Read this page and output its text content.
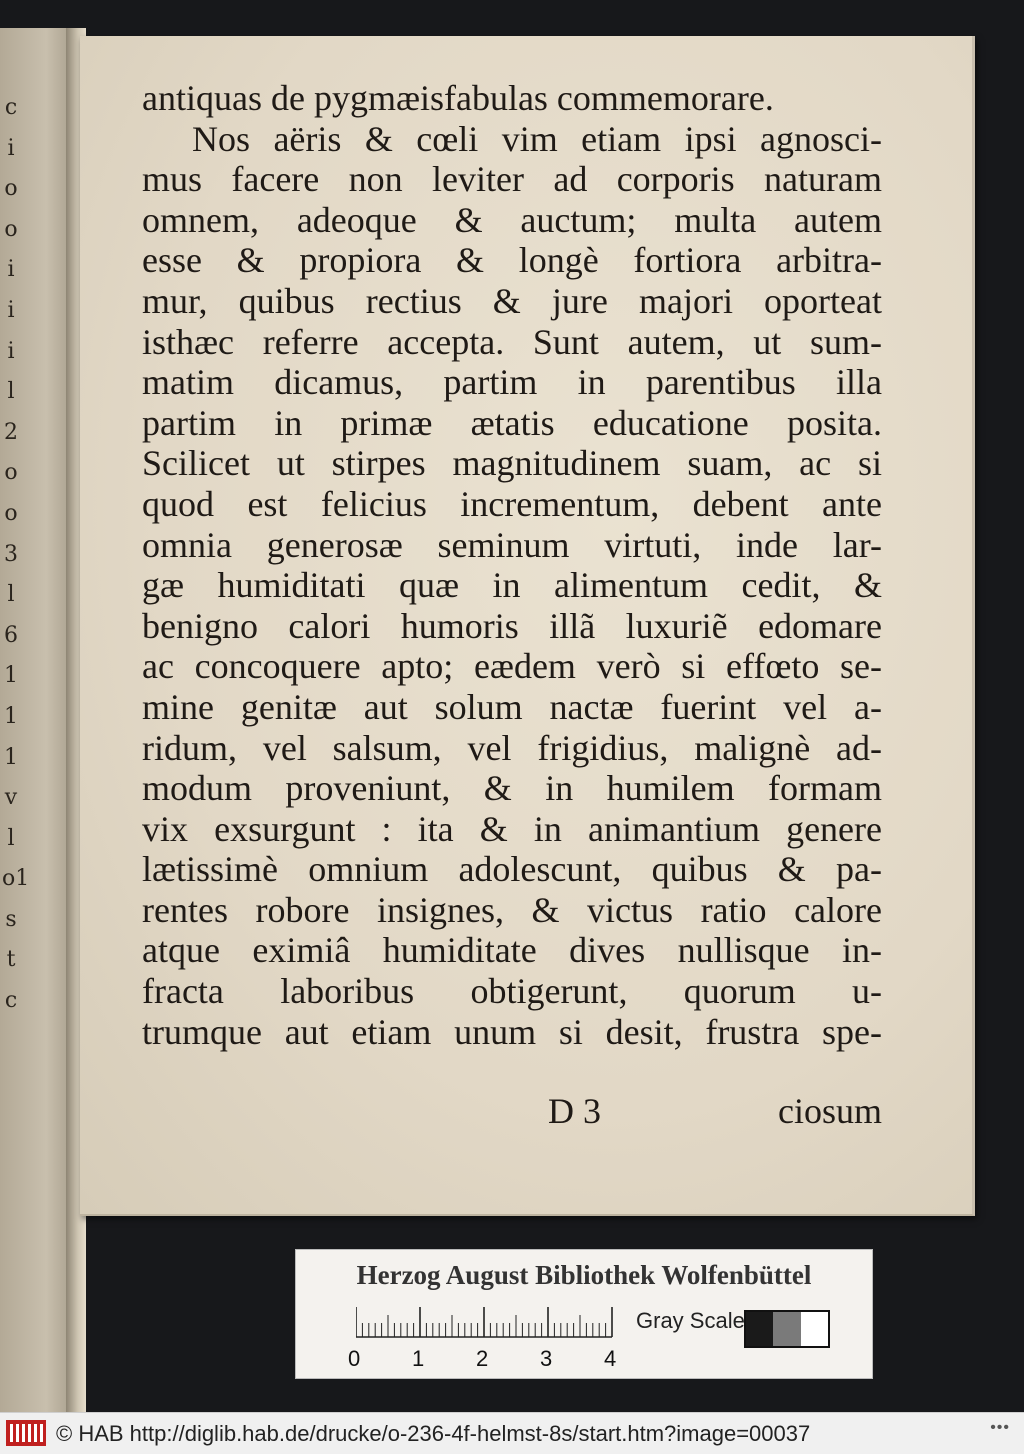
c
i
o
o
i
i
i
l
2
o
o
3
l
6
1
1
1
v
l
o1
s
t
c
antiquas de pygmæisfabulas commemorare.
Nos aëris & cœli vim etiam ipsi agnosci-
mus facere non leviter ad corporis naturam
omnem, adeoque & auctum; multa autem
esse & propiora & longè fortiora arbitra-
mur, quibus rectius & jure majori oporteat
isthæc referre accepta. Sunt autem, ut sum-
matim dicamus, partim in parentibus illa
partim in primæ ætatis educatione posita.
Scilicet ut stirpes magnitudinem suam, ac si
quod est felicius incrementum, debent ante
omnia generosæ seminum virtuti, inde lar-
gæ humiditati quæ in alimentum cedit, &
benigno calori humoris illã luxuriẽ edomare
ac concoquere apto; eædem verò si effœto se-
mine genitæ aut solum nactæ fuerint vel a-
ridum, vel salsum, vel frigidius, malignè ad-
modum proveniunt, & in humilem formam
vix exsurgunt : ita & in animantium genere
lætissimè omnium adolescunt, quibus & pa-
rentes robore insignes, & victus ratio calore
atque eximiâ humiditate dives nullisque in-
fracta laboribus obtigerunt, quorum u-
trumque aut etiam unum si desit, frustra spe-
D 3	ciosum
Herzog August Bibliothek Wolfenbüttel
0 1 2 3 4
Gray Scale
© HAB http://diglib.hab.de/drucke/o-236-4f-helmst-8s/start.htm?image=00037	•••
